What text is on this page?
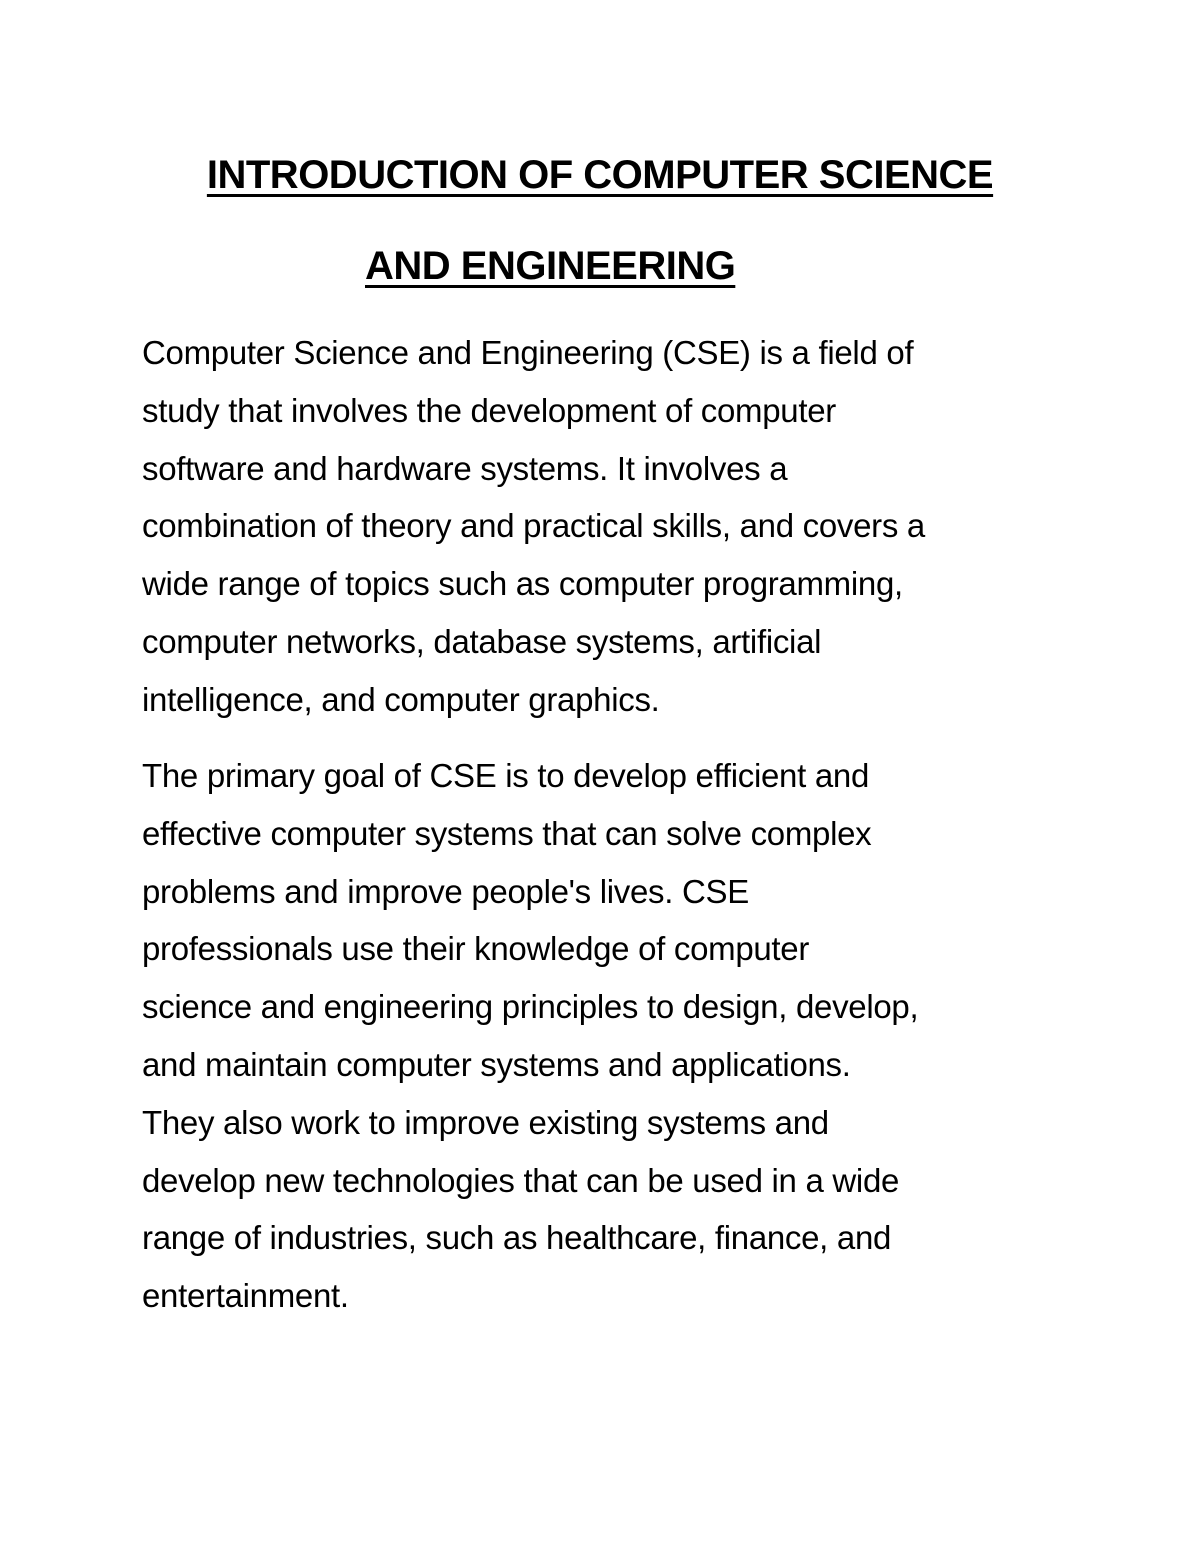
INTRODUCTION OF COMPUTER SCIENCE
AND ENGINEERING

Computer Science and Engineering (CSE) is a field of
study that involves the development of computer
software and hardware systems. It involves a
combination of theory and practical skills, and covers a
wide range of topics such as computer programming,
computer networks, database systems, artificial
intelligence, and computer graphics.

The primary goal of CSE is to develop efficient and
effective computer systems that can solve complex
problems and improve people's lives. CSE
professionals use their knowledge of computer
science and engineering principles to design, develop,
and maintain computer systems and applications.
They also work to improve existing systems and
develop new technologies that can be used in a wide
range of industries, such as healthcare, finance, and
entertainment.
